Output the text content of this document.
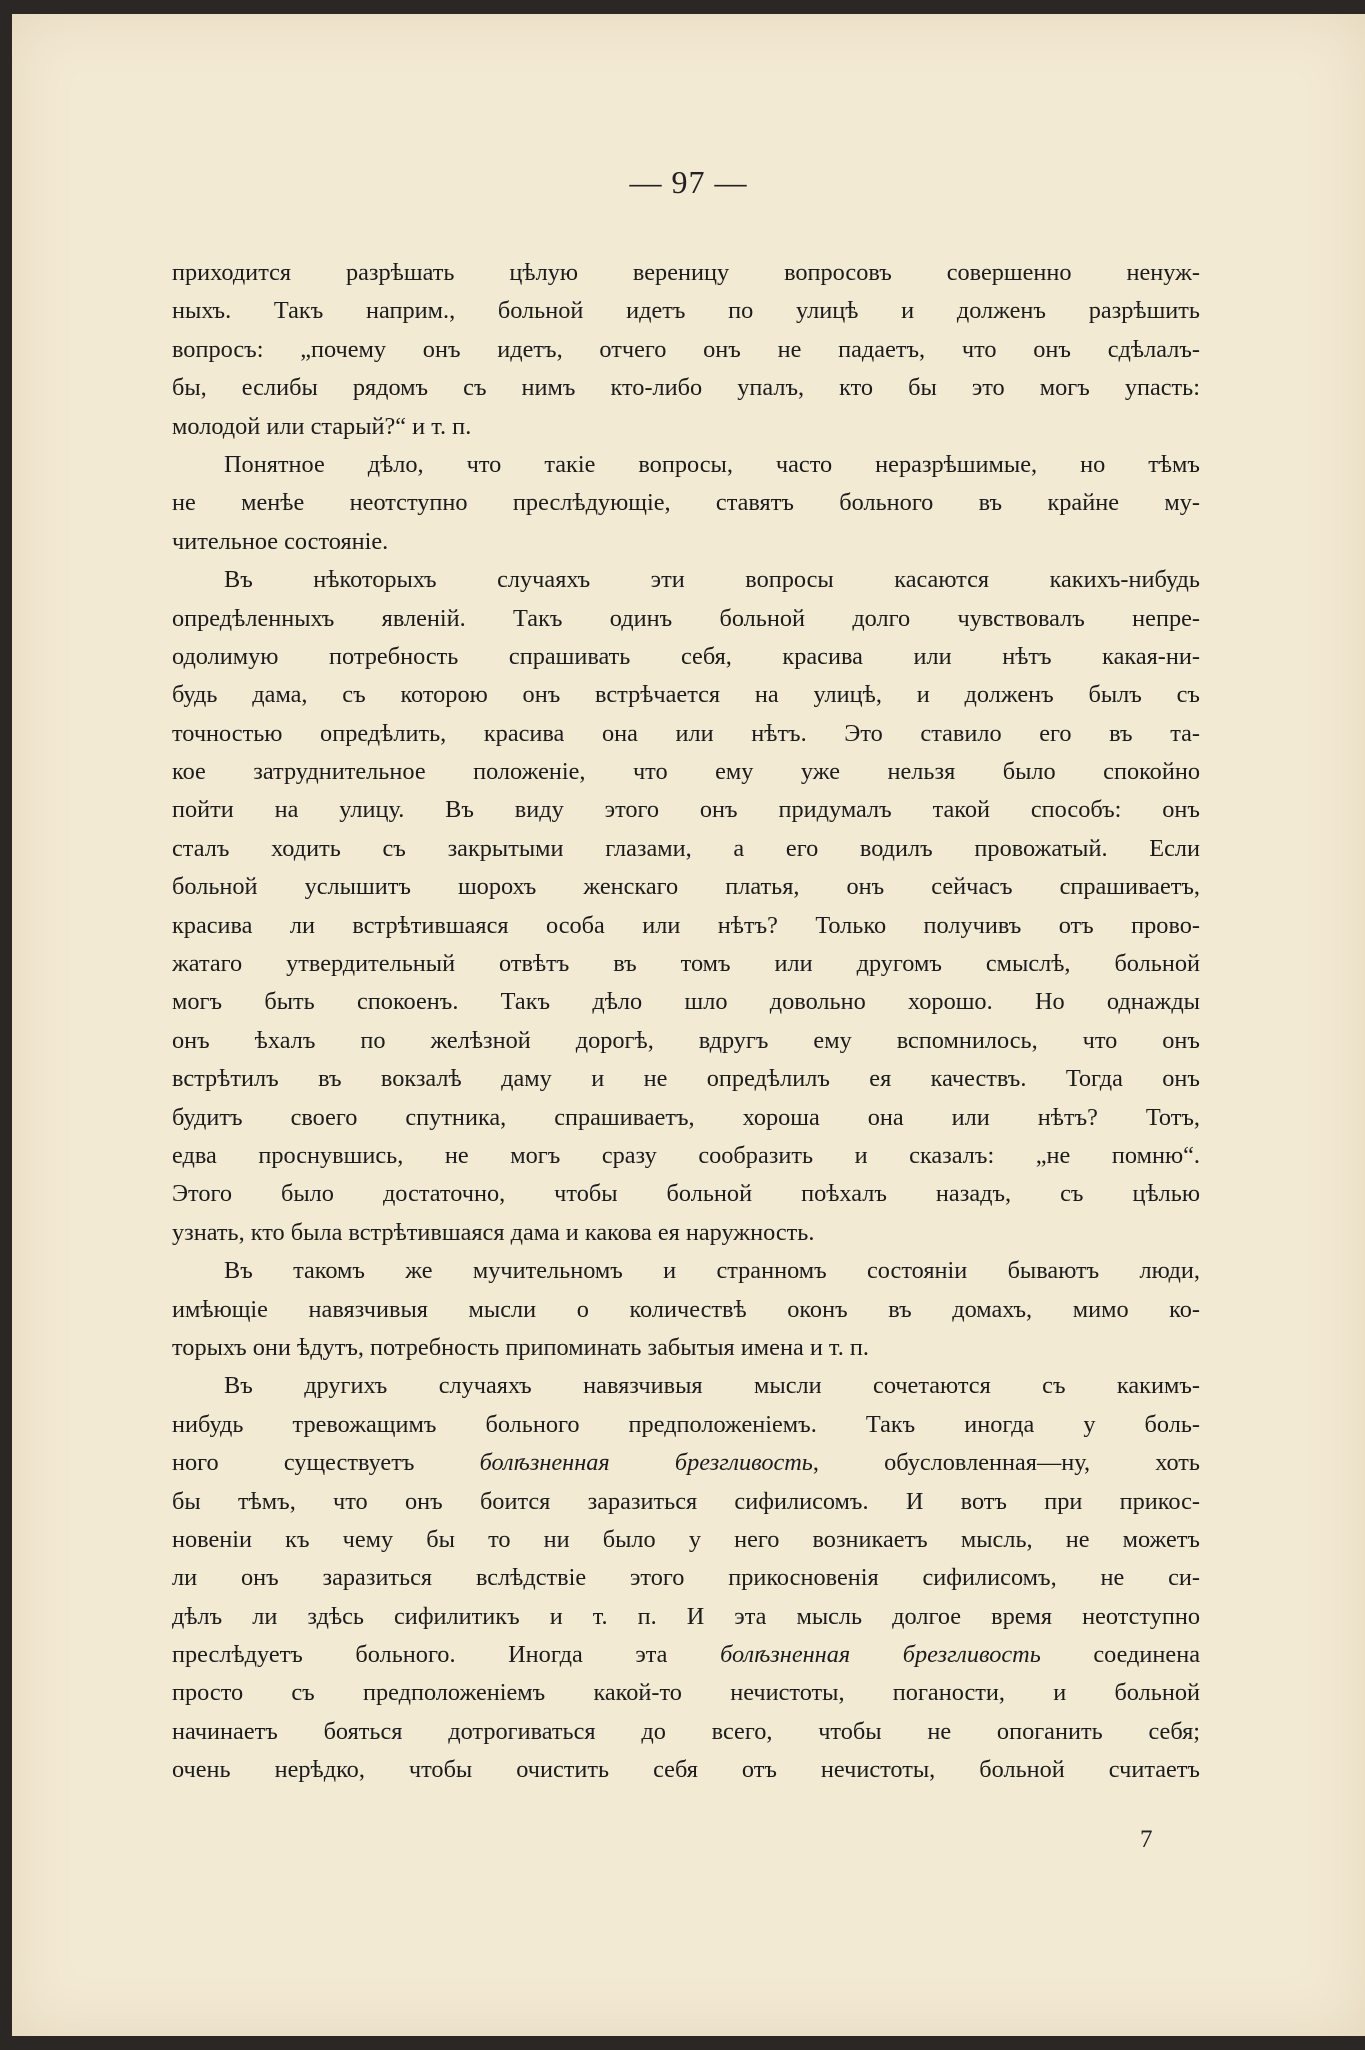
— 97 —
приходится разрѣшать цѣлую вереницу вопросовъ совершенно ненуж-
ныхъ. Такъ наприм., больной идетъ по улицѣ и долженъ разрѣшить
вопросъ: „почему онъ идетъ, отчего онъ не падаетъ, что онъ сдѣлалъ-
бы, еслибы рядомъ съ нимъ кто-либо упалъ, кто бы это могъ упасть:
молодой или старый?“ и т. п.
Понятное дѣло, что такіе вопросы, часто неразрѣшимые, но тѣмъ
не менѣе неотступно преслѣдующіе, ставятъ больного въ крайне му-
чительное состояніе.
Въ нѣкоторыхъ случаяхъ эти вопросы касаются какихъ-нибудь
опредѣленныхъ явленій. Такъ одинъ больной долго чувствовалъ непре-
одолимую потребность спрашивать себя, красива или нѣтъ какая-ни-
будь дама, съ которою онъ встрѣчается на улицѣ, и долженъ былъ съ
точностью опредѣлить, красива она или нѣтъ. Это ставило его въ та-
кое затруднительное положеніе, что ему уже нельзя было спокойно
пойти на улицу. Въ виду этого онъ придумалъ такой способъ: онъ
сталъ ходить съ закрытыми глазами, а его водилъ провожатый. Если
больной услышитъ шорохъ женскаго платья, онъ сейчасъ спрашиваетъ,
красива ли встрѣтившаяся особа или нѣтъ? Только получивъ отъ прово-
жатаго утвердительный отвѣтъ въ томъ или другомъ смыслѣ, больной
могъ быть спокоенъ. Такъ дѣло шло довольно хорошо. Но однажды
онъ ѣхалъ по желѣзной дорогѣ, вдругъ ему вспомнилось, что онъ
встрѣтилъ въ вокзалѣ даму и не опредѣлилъ ея качествъ. Тогда онъ
будитъ своего спутника, спрашиваетъ, хороша она или нѣтъ? Тотъ,
едва проснувшись, не могъ сразу сообразить и сказалъ: „не помню“.
Этого было достаточно, чтобы больной поѣхалъ назадъ, съ цѣлью
узнать, кто была встрѣтившаяся дама и какова ея наружность.
Въ такомъ же мучительномъ и странномъ состояніи бываютъ люди,
имѣющіе навязчивыя мысли о количествѣ оконъ въ домахъ, мимо ко-
торыхъ они ѣдутъ, потребность припоминать забытыя имена и т. п.
Въ другихъ случаяхъ навязчивыя мысли сочетаются съ какимъ-
нибудь тревожащимъ больного предположеніемъ. Такъ иногда у боль-
ного существуетъ болѣзненная брезгливость, обусловленная—ну, хоть
бы тѣмъ, что онъ боится заразиться сифилисомъ. И вотъ при прикос-
новеніи къ чему бы то ни было у него возникаетъ мысль, не можетъ
ли онъ заразиться вслѣдствіе этого прикосновенія сифилисомъ, не си-
дѣлъ ли здѣсь сифилитикъ и т. п. И эта мысль долгое время неотступно
преслѣдуетъ больного. Иногда эта болѣзненная брезгливость соединена
просто съ предположеніемъ какой-то нечистоты, поганости, и больной
начинаетъ бояться дотрогиваться до всего, чтобы не опоганить себя;
очень нерѣдко, чтобы очистить себя отъ нечистоты, больной считаетъ
7
